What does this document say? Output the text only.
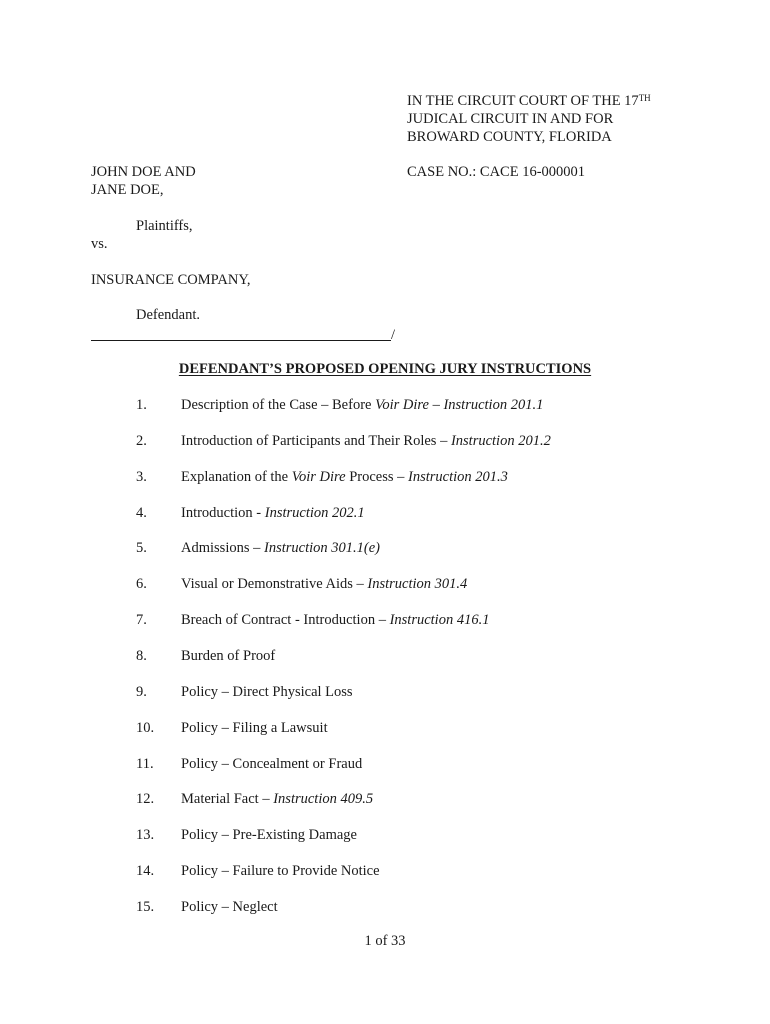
IN THE CIRCUIT COURT OF THE 17TH
JUDICAL CIRCUIT IN AND FOR
BROWARD COUNTY, FLORIDA
CASE NO.: CACE 16-000001
JOHN DOE AND
JANE DOE,
Plaintiffs,
vs.
INSURANCE COMPANY,
Defendant.
/
DEFENDANT’S PROPOSED OPENING JURY INSTRUCTIONS
1. Description of the Case – Before Voir Dire – Instruction 201.1
2. Introduction of Participants and Their Roles – Instruction 201.2
3. Explanation of the Voir Dire Process – Instruction 201.3
4. Introduction - Instruction 202.1
5. Admissions – Instruction 301.1(e)
6. Visual or Demonstrative Aids – Instruction 301.4
7. Breach of Contract - Introduction – Instruction 416.1
8. Burden of Proof
9. Policy – Direct Physical Loss
10. Policy – Filing a Lawsuit
11. Policy – Concealment or Fraud
12. Material Fact – Instruction 409.5
13. Policy – Pre-Existing Damage
14. Policy – Failure to Provide Notice
15. Policy – Neglect
1 of 33
